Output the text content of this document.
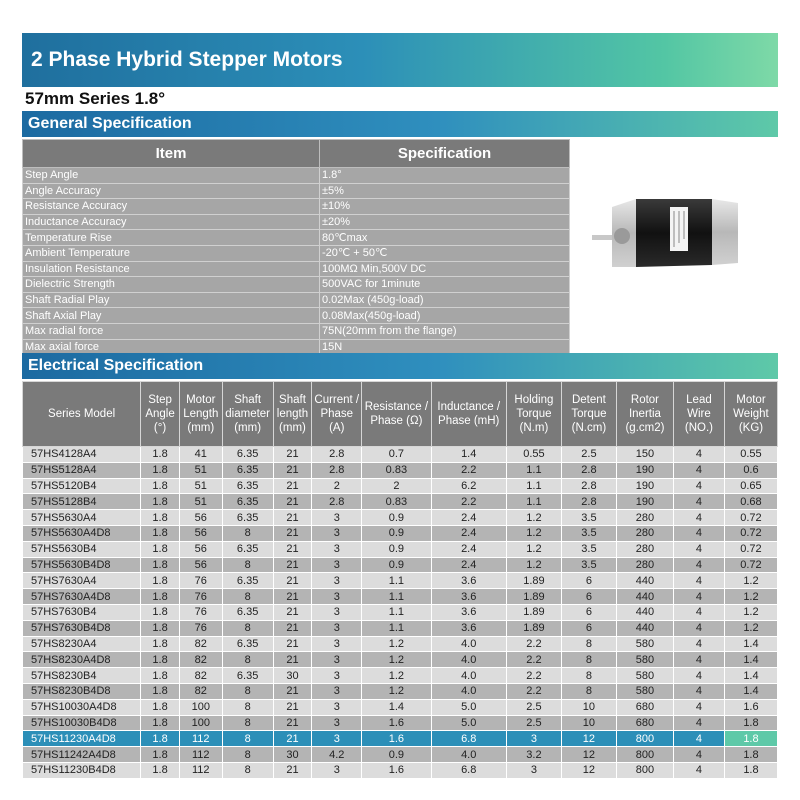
2 Phase Hybrid Stepper Motors
57mm Series 1.8°
General Specification
Item	Specification
Step Angle	1.8°
Angle Accuracy	±5%
Resistance Accuracy	±10%
Inductance Accuracy	±20%
Temperature Rise	80℃max
Ambient Temperature	-20℃ + 50℃
Insulation Resistance	100MΩ Min,500V DC
Dielectric Strength	500VAC for 1minute
Shaft Radial Play	0.02Max (450g-load)
Shaft Axial Play	0.08Max(450g-load)
Max radial force	75N(20mm from the flange)
Max axial force	15N
Electrical Specification
Series Model	Step Angle (°)	Motor Length (mm)	Shaft diameter (mm)	Shaft length (mm)	Current / Phase (A)	Resistance / Phase (Ω)	Inductance / Phase (mH)	Holding Torque (N.m)	Detent Torque (N.cm)	Rotor Inertia (g.cm2)	Lead Wire (NO.)	Motor Weight (KG)
57HS4128A4	1.8	41	6.35	21	2.8	0.7	1.4	0.55	2.5	150	4	0.55
57HS5128A4	1.8	51	6.35	21	2.8	0.83	2.2	1.1	2.8	190	4	0.6
57HS5120B4	1.8	51	6.35	21	2	2	6.2	1.1	2.8	190	4	0.65
57HS5128B4	1.8	51	6.35	21	2.8	0.83	2.2	1.1	2.8	190	4	0.68
57HS5630A4	1.8	56	6.35	21	3	0.9	2.4	1.2	3.5	280	4	0.72
57HS5630A4D8	1.8	56	8	21	3	0.9	2.4	1.2	3.5	280	4	0.72
57HS5630B4	1.8	56	6.35	21	3	0.9	2.4	1.2	3.5	280	4	0.72
57HS5630B4D8	1.8	56	8	21	3	0.9	2.4	1.2	3.5	280	4	0.72
57HS7630A4	1.8	76	6.35	21	3	1.1	3.6	1.89	6	440	4	1.2
57HS7630A4D8	1.8	76	8	21	3	1.1	3.6	1.89	6	440	4	1.2
57HS7630B4	1.8	76	6.35	21	3	1.1	3.6	1.89	6	440	4	1.2
57HS7630B4D8	1.8	76	8	21	3	1.1	3.6	1.89	6	440	4	1.2
57HS8230A4	1.8	82	6.35	21	3	1.2	4.0	2.2	8	580	4	1.4
57HS8230A4D8	1.8	82	8	21	3	1.2	4.0	2.2	8	580	4	1.4
57HS8230B4	1.8	82	6.35	30	3	1.2	4.0	2.2	8	580	4	1.4
57HS8230B4D8	1.8	82	8	21	3	1.2	4.0	2.2	8	580	4	1.4
57HS10030A4D8	1.8	100	8	21	3	1.4	5.0	2.5	10	680	4	1.6
57HS10030B4D8	1.8	100	8	21	3	1.6	5.0	2.5	10	680	4	1.8
57HS11230A4D8	1.8	112	8	21	3	1.6	6.8	3	12	800	4	1.8
57HS11242A4D8	1.8	112	8	30	4.2	0.9	4.0	3.2	12	800	4	1.8
57HS11230B4D8	1.8	112	8	21	3	1.6	6.8	3	12	800	4	1.8
